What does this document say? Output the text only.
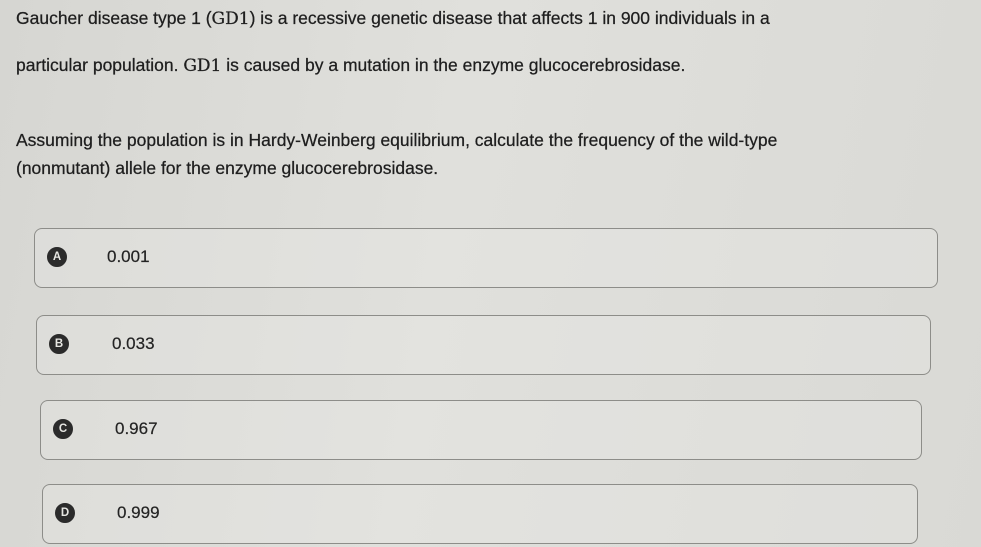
Gaucher disease type 1 (GD1) is a recessive genetic disease that affects 1 in 900 individuals in a
particular population. GD1 is caused by a mutation in the enzyme glucocerebrosidase.
Assuming the population is in Hardy-Weinberg equilibrium, calculate the frequency of the wild-type
(nonmutant) allele for the enzyme glucocerebrosidase.
A	0.001
B	0.033
C	0.967
D	0.999
